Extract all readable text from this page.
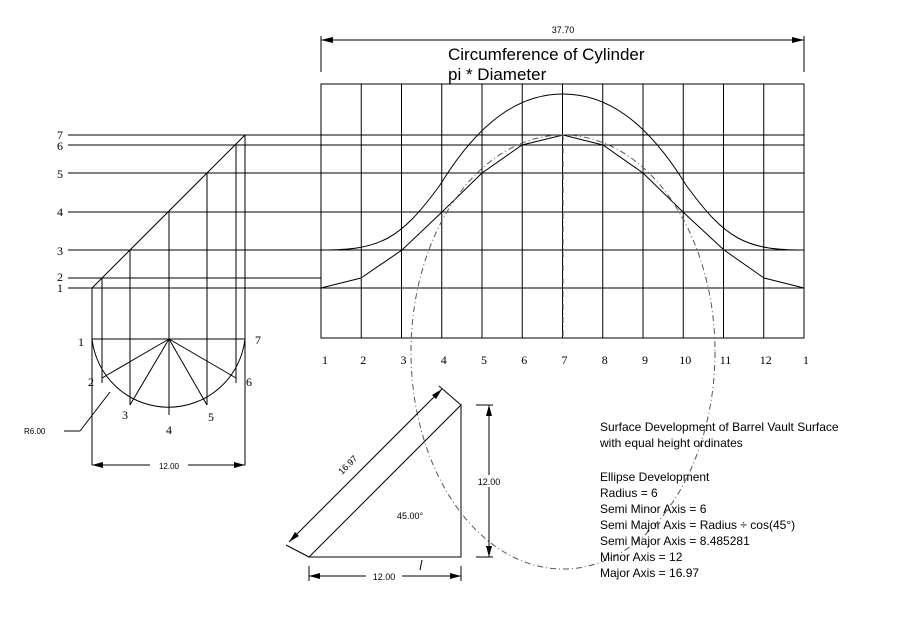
37.70
Circumference of Cylinder
pi * Diameter
1	2	3	4	5	6	7	8	9	10 11 12	1
7
6
5
4
3
2
1
1
2
3
4
5
6
7
R6.00
12.00	16.97
45.00°
12.00
12.00
Surface Development of Barrel Vault Surface
with equal height ordinates
Ellipse Development
Radius = 6
Semi Minor Axis = 6
Semi Major Axis = Radius ÷ cos(45°)
Semi Major Axis = 8.485281
Minor Axis = 12
Major Axis = 16.97
